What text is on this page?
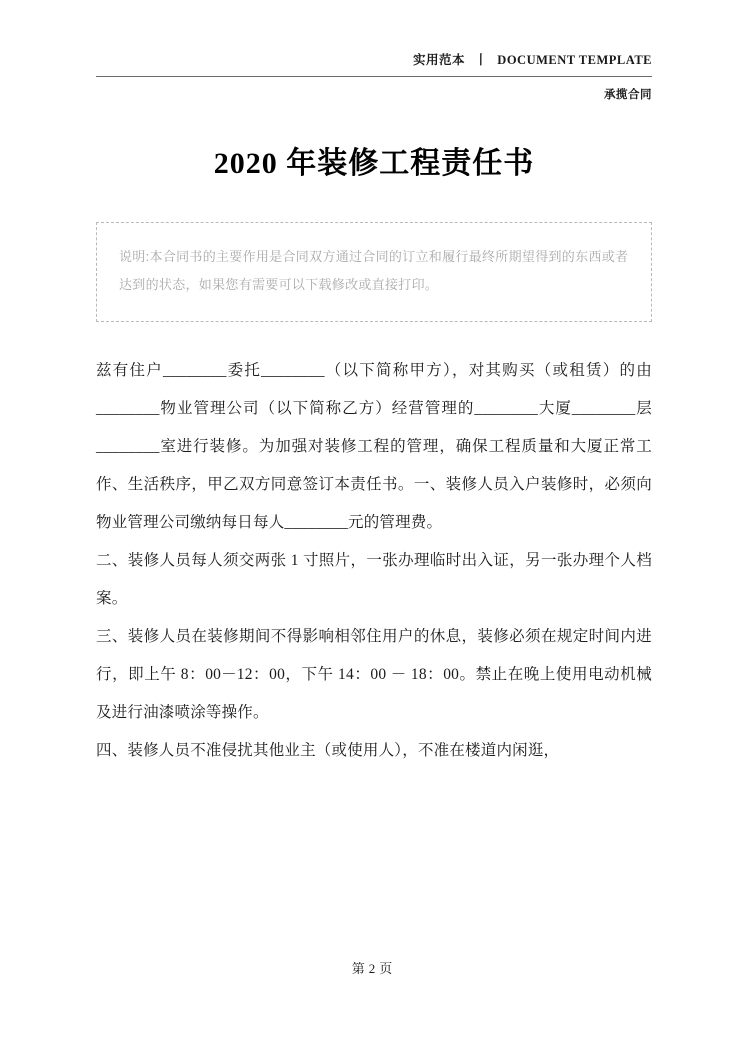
实用范本 丨 DOCUMENT TEMPLATE
承揽合同
2020 年装修工程责任书
说明:本合同书的主要作用是合同双方通过合同的订立和履行最终所期望得到的东西或者达到的状态，如果您有需要可以下载修改或直接打印。

兹有住户________委托________（以下简称甲方），对其购买（或租赁）的由________物业管理公司（以下简称乙方）经营管理的________大厦________层________室进行装修。为加强对装修工程的管理，确保工程质量和大厦正常工作、生活秩序，甲乙双方同意签订本责任书。一、装修人员入户装修时，必须向物业管理公司缴纳每日每人________元的管理费。

二、装修人员每人须交两张 1 寸照片，一张办理临时出入证，另一张办理个人档案。

三、装修人员在装修期间不得影响相邻住用户的休息，装修必须在规定时间内进行，即上午 8：00－12：00，下午 14：00 － 18：00。禁止在晚上使用电动机械及进行油漆喷涂等操作。

四、装修人员不准侵扰其他业主（或使用人），不准在楼道内闲逛，

第 2 页
